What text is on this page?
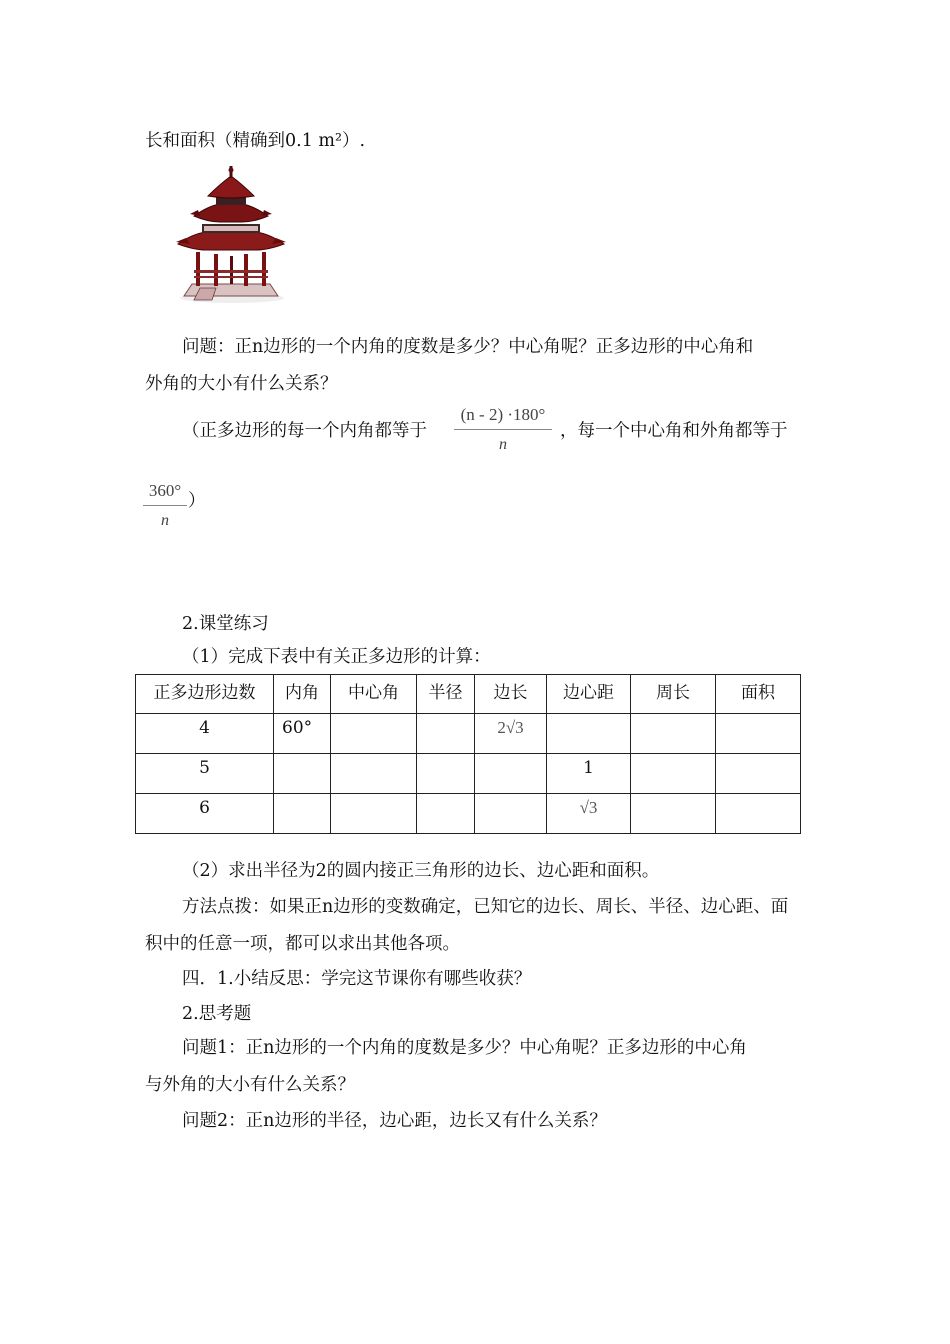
长和面积（精确到0.1 m²）.
问题：正n边形的一个内角的度数是多少？中心角呢？正多边形的中心角和
外角的大小有什么关系？
（正多边形的每一个内角都等于 $\frac{(n - 2) \cdot 180^\circ}{n}$ ，每一个中心角和外角都等于
$\frac{360^\circ}{n}$ ）
2.课堂练习
（1）完成下表中有关正多边形的计算：
正多边形边数	内角	中心角	半径	边长	边心距	周长	面积
4	60°			2√3			
5					1		
6					√3		
（2）求出半径为2的圆内接正三角形的边长、边心距和面积。
方法点拨：如果正n边形的变数确定，已知它的边长、周长、半径、边心距、面
积中的任意一项，都可以求出其他各项。
四．1.小结反思：学完这节课你有哪些收获？
2.思考题
问题1：正n边形的一个内角的度数是多少？中心角呢？正多边形的中心角
与外角的大小有什么关系？
问题2：正n边形的半径，边心距，边长又有什么关系？
